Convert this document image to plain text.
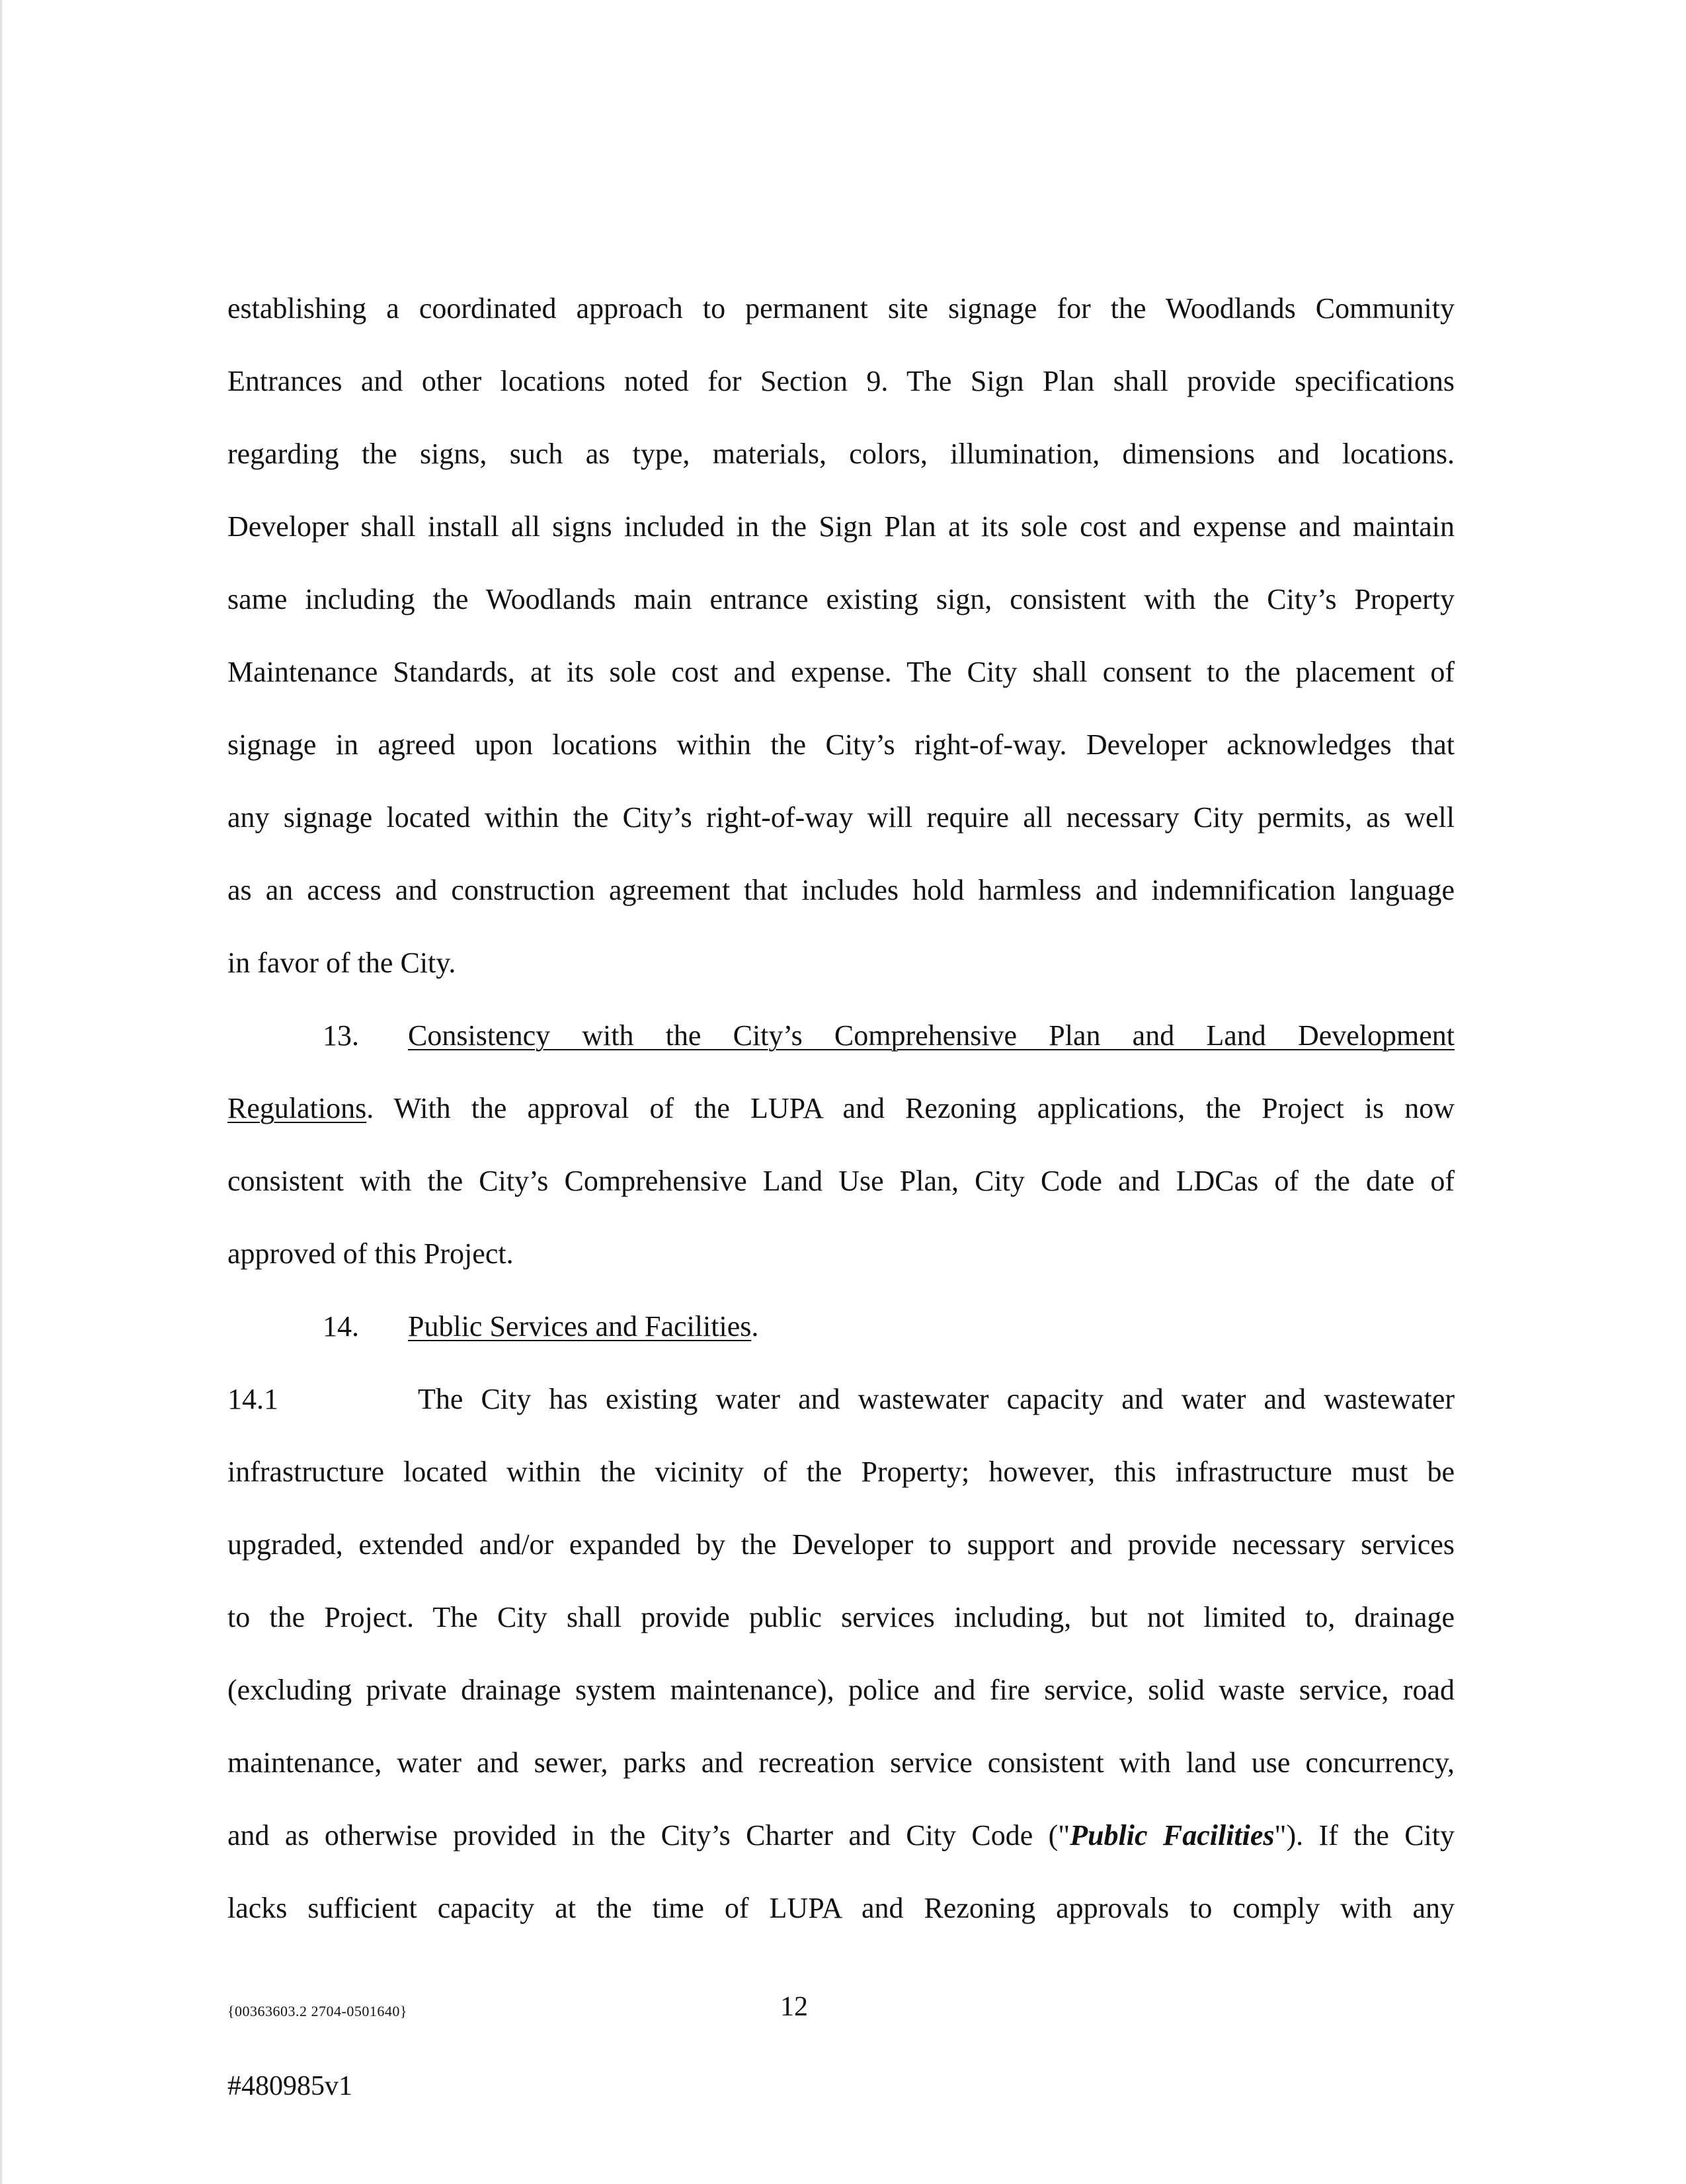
establishing a coordinated approach to permanent site signage for the Woodlands Community
Entrances and other locations noted for Section 9. The Sign Plan shall provide specifications
regarding the signs, such as type, materials, colors, illumination, dimensions and locations.
Developer shall install all signs included in the Sign Plan at its sole cost and expense and maintain
same including the Woodlands main entrance existing sign, consistent with the City’s Property
Maintenance Standards, at its sole cost and expense. The City shall consent to the placement of
signage in agreed upon locations within the City’s right-of-way. Developer acknowledges that
any signage located within the City’s right-of-way will require all necessary City permits, as well
as an access and construction agreement that includes hold harmless and indemnification language
in favor of the City.
13. Consistency with the City’s Comprehensive Plan and Land Development
Regulations. With the approval of the LUPA and Rezoning applications, the Project is now
consistent with the City’s Comprehensive Land Use Plan, City Code and LDCas of the date of
approved of this Project.
14. Public Services and Facilities.
14.1	The City has existing water and wastewater capacity and water and wastewater
infrastructure located within the vicinity of the Property; however, this infrastructure must be
upgraded, extended and/or expanded by the Developer to support and provide necessary services
to the Project. The City shall provide public services including, but not limited to, drainage
(excluding private drainage system maintenance), police and fire service, solid waste service, road
maintenance, water and sewer, parks and recreation service consistent with land use concurrency,
and as otherwise provided in the City’s Charter and City Code ("Public Facilities"). If the City
lacks sufficient capacity at the time of LUPA and Rezoning approvals to comply with any
{00363603.2 2704-0501640}	12
#480985v1
